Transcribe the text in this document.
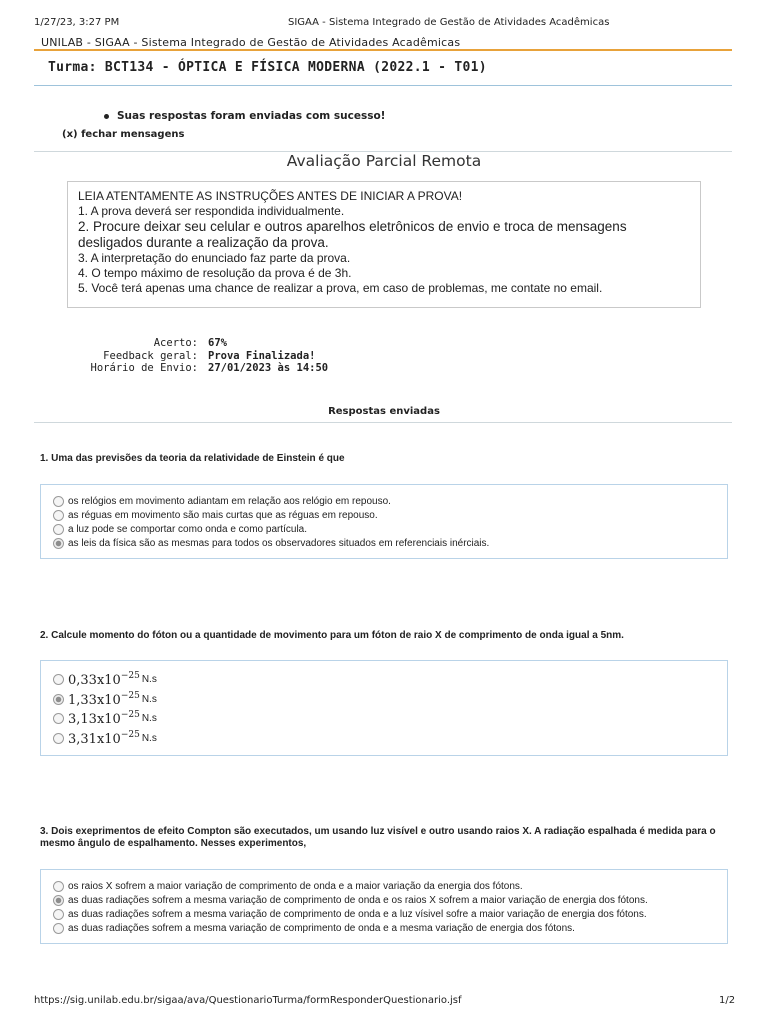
1/27/23, 3:27 PM	SIGAA - Sistema Integrado de Gestão de Atividades Acadêmicas
UNILAB - SIGAA - Sistema Integrado de Gestão de Atividades Acadêmicas
Turma: BCT134 - ÓPTICA E FÍSICA MODERNA (2022.1 - T01)
Suas respostas foram enviadas com sucesso!
(x) fechar mensagens
Avaliação Parcial Remota
LEIA ATENTAMENTE AS INSTRUÇÕES ANTES DE INICIAR A PROVA!
1. A prova deverá ser respondida individualmente.
2. Procure deixar seu celular e outros aparelhos eletrônicos de envio e troca de mensagens desligados durante a realização da prova.
3. A interpretação do enunciado faz parte da prova.
4. O tempo máximo de resolução da prova é de 3h.
5. Você terá apenas uma chance de realizar a prova, em caso de problemas, me contate no email.
Acerto: 67%
Feedback geral: Prova Finalizada!
Horário de Envio: 27/01/2023 às 14:50
Respostas enviadas
1. Uma das previsões da teoria da relatividade de Einstein é que
os relógios em movimento adiantam em relação aos relógio em repouso.
as réguas em movimento são mais curtas que as réguas em repouso.
a luz pode se comportar como onda e como partícula.
as leis da física são as mesmas para todos os observadores situados em referenciais inérciais.
2. Calcule momento do fóton ou a quantidade de movimento para um fóton de raio X de comprimento de onda igual a 5nm.
$0,33x10^{-25}$ N.s
$1,33x10^{-25}$ N.s
$3,13x10^{-25}$ N.s
$3,31x10^{-25}$ N.s
3. Dois exeprimentos de efeito Compton são executados, um usando luz visível e outro usando raios X. A radiação espalhada é medida para o mesmo ângulo de espalhamento. Nesses experimentos,
os raios X sofrem a maior variação de comprimento de onda e a maior variação da energia dos fótons.
as duas radiações sofrem a mesma variação de comprimento de onda e os raios X sofrem a maior variação de energia dos fótons.
as duas radiações sofrem a mesma variação de comprimento de onda e a luz vísivel sofre a maior variação de energia dos fótons.
as duas radiações sofrem a mesma variação de comprimento de onda e a mesma variação de energia dos fótons.
https://sig.unilab.edu.br/sigaa/ava/QuestionarioTurma/formResponderQuestionario.jsf	1/2
